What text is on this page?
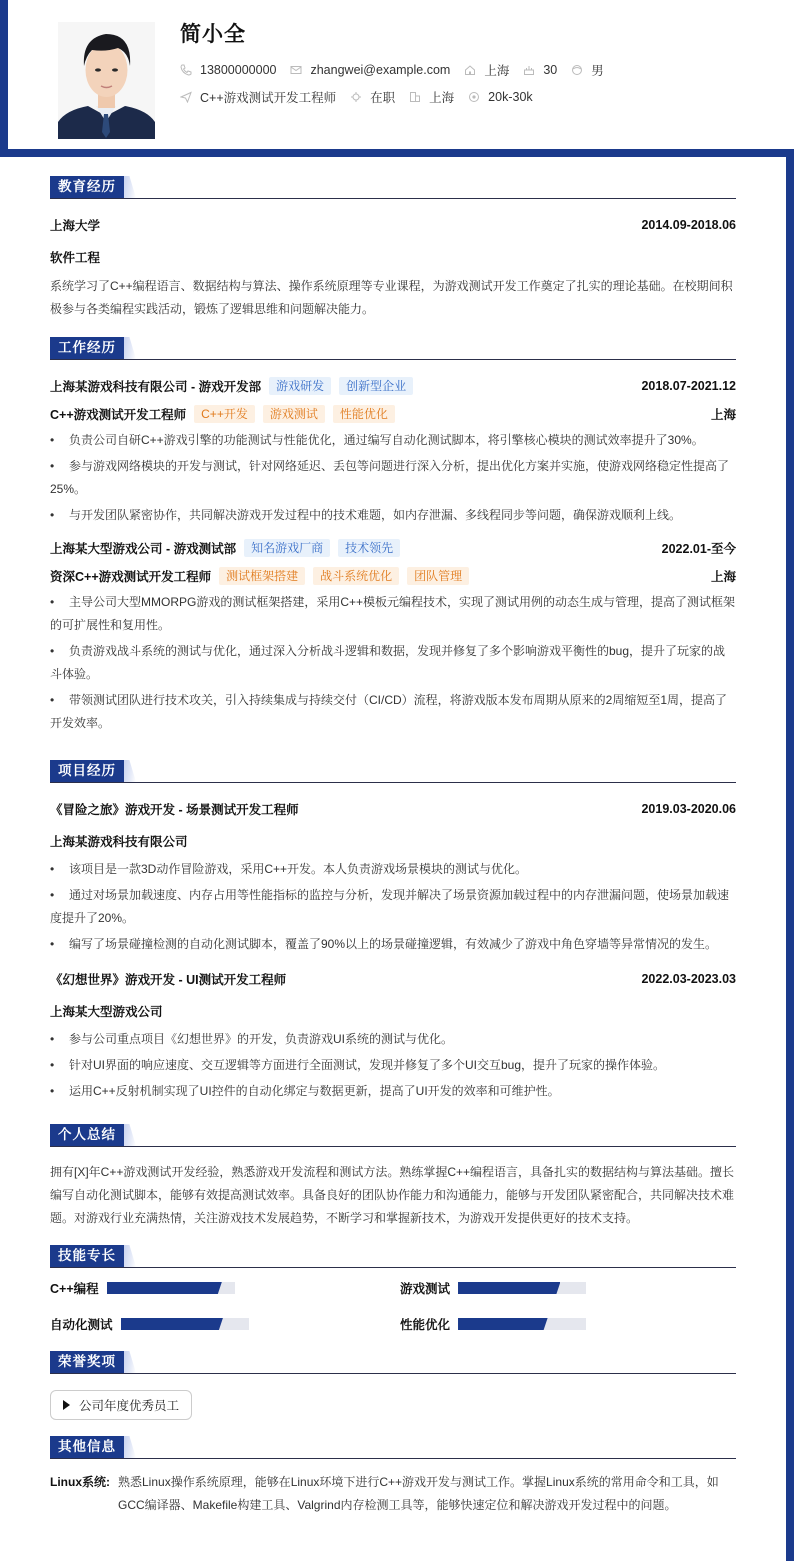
简小全
13800000000	zhangwei@example.com	上海	30	男
C++游戏测试开发工程师	在职	上海	20k-30k
教育经历
上海大学	2014.09-2018.06
软件工程
系统学习了C++编程语言、数据结构与算法、操作系统原理等专业课程，为游戏测试开发工作奠定了扎实的理论基础。在校期间积极参与各类编程实践活动，锻炼了逻辑思维和问题解决能力。
工作经历
上海某游戏科技有限公司 - 游戏开发部	游戏研发	创新型企业	2018.07-2021.12
C++游戏测试开发工程师	C++开发	游戏测试	性能优化	上海
• 负责公司自研C++游戏引擎的功能测试与性能优化，通过编写自动化测试脚本，将引擎核心模块的测试效率提升了30%。
• 参与游戏网络模块的开发与测试，针对网络延迟、丢包等问题进行深入分析，提出优化方案并实施，使游戏网络稳定性提高了25%。
• 与开发团队紧密协作，共同解决游戏开发过程中的技术难题，如内存泄漏、多线程同步等问题，确保游戏顺利上线。
上海某大型游戏公司 - 游戏测试部	知名游戏厂商	技术领先	2022.01-至今
资深C++游戏测试开发工程师	测试框架搭建	战斗系统优化	团队管理	上海
• 主导公司大型MMORPG游戏的测试框架搭建，采用C++模板元编程技术，实现了测试用例的动态生成与管理，提高了测试框架的可扩展性和复用性。
• 负责游戏战斗系统的测试与优化，通过深入分析战斗逻辑和数据，发现并修复了多个影响游戏平衡性的bug，提升了玩家的战斗体验。
• 带领测试团队进行技术攻关，引入持续集成与持续交付（CI/CD）流程，将游戏版本发布周期从原来的2周缩短至1周，提高了开发效率。
项目经历
《冒险之旅》游戏开发 - 场景测试开发工程师	2019.03-2020.06
上海某游戏科技有限公司
• 该项目是一款3D动作冒险游戏，采用C++开发。本人负责游戏场景模块的测试与优化。
• 通过对场景加载速度、内存占用等性能指标的监控与分析，发现并解决了场景资源加载过程中的内存泄漏问题，使场景加载速度提升了20%。
• 编写了场景碰撞检测的自动化测试脚本，覆盖了90%以上的场景碰撞逻辑，有效减少了游戏中角色穿墙等异常情况的发生。
《幻想世界》游戏开发 - UI测试开发工程师	2022.03-2023.03
上海某大型游戏公司
• 参与公司重点项目《幻想世界》的开发，负责游戏UI系统的测试与优化。
• 针对UI界面的响应速度、交互逻辑等方面进行全面测试，发现并修复了多个UI交互bug，提升了玩家的操作体验。
• 运用C++反射机制实现了UI控件的自动化绑定与数据更新，提高了UI开发的效率和可维护性。
个人总结
拥有[X]年C++游戏测试开发经验，熟悉游戏开发流程和测试方法。熟练掌握C++编程语言，具备扎实的数据结构与算法基础。擅长编写自动化测试脚本，能够有效提高测试效率。具备良好的团队协作能力和沟通能力，能够与开发团队紧密配合，共同解决技术难题。对游戏行业充满热情，关注游戏技术发展趋势，不断学习和掌握新技术，为游戏开发提供更好的技术支持。
技能专长
C++编程	游戏测试
自动化测试	性能优化
荣誉奖项
公司年度优秀员工
其他信息
Linux系统: 熟悉Linux操作系统原理，能够在Linux环境下进行C++游戏开发与测试工作。掌握Linux系统的常用命令和工具，如GCC编译器、Makefile构建工具、Valgrind内存检测工具等，能够快速定位和解决游戏开发过程中的问题。
